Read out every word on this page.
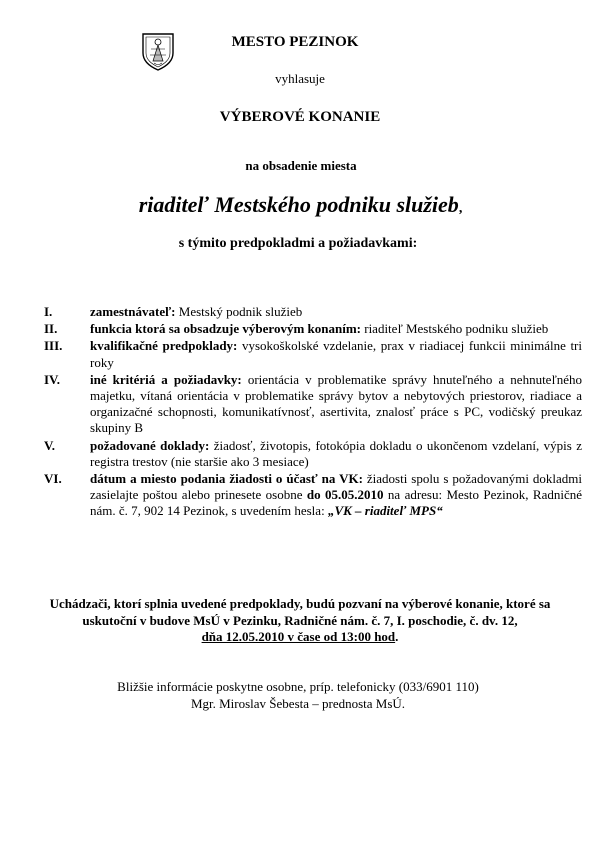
MESTO PEZINOK
vyhlasuje
VÝBEROVÉ KONANIE
na obsadenie miesta
riaditeľ Mestského podniku služieb,
s týmito predpokladmi a požiadavkami:
I.	zamestnávateľ: Mestský podnik služieb
II.	funkcia ktorá sa obsadzuje výberovým konaním: riaditeľ Mestského podniku služieb
III. kvalifikačné predpoklady: vysokoškolské vzdelanie, prax v riadiacej funkcii minimálne tri roky
IV. iné kritériá a požiadavky: orientácia v problematike správy hnuteľného a nehnuteľného majetku, vítaná orientácia v problematike správy bytov a nebytových priestorov, riadiace a organizačné schopnosti, komunikatívnosť, asertivita, znalosť práce s PC, vodičský preukaz skupiny B
V.	požadované doklady: žiadosť, životopis, fotokópia dokladu o ukončenom vzdelaní, výpis z registra trestov (nie staršie ako 3 mesiace)
VI. dátum a miesto podania žiadosti o účasť na VK: žiadosti spolu s požadovanými dokladmi zasielajte poštou alebo prinesete osobne do 05.05.2010 na adresu: Mesto Pezinok, Radničné nám. č. 7, 902 14 Pezinok, s uvedením hesla: „VK – riaditeľ MPS“
Uchádzači, ktorí splnia uvedené predpoklady, budú pozvaní na výberové konanie, ktoré sa uskutoční v budove MsÚ v Pezinku, Radničné nám. č. 7, I. poschodie, č. dv. 12,
dňa 12.05.2010 v čase od 13:00 hod.
Bližšie informácie poskytne osobne, príp. telefonicky (033/6901 110)
Mgr. Miroslav Šebesta – prednosta MsÚ.
